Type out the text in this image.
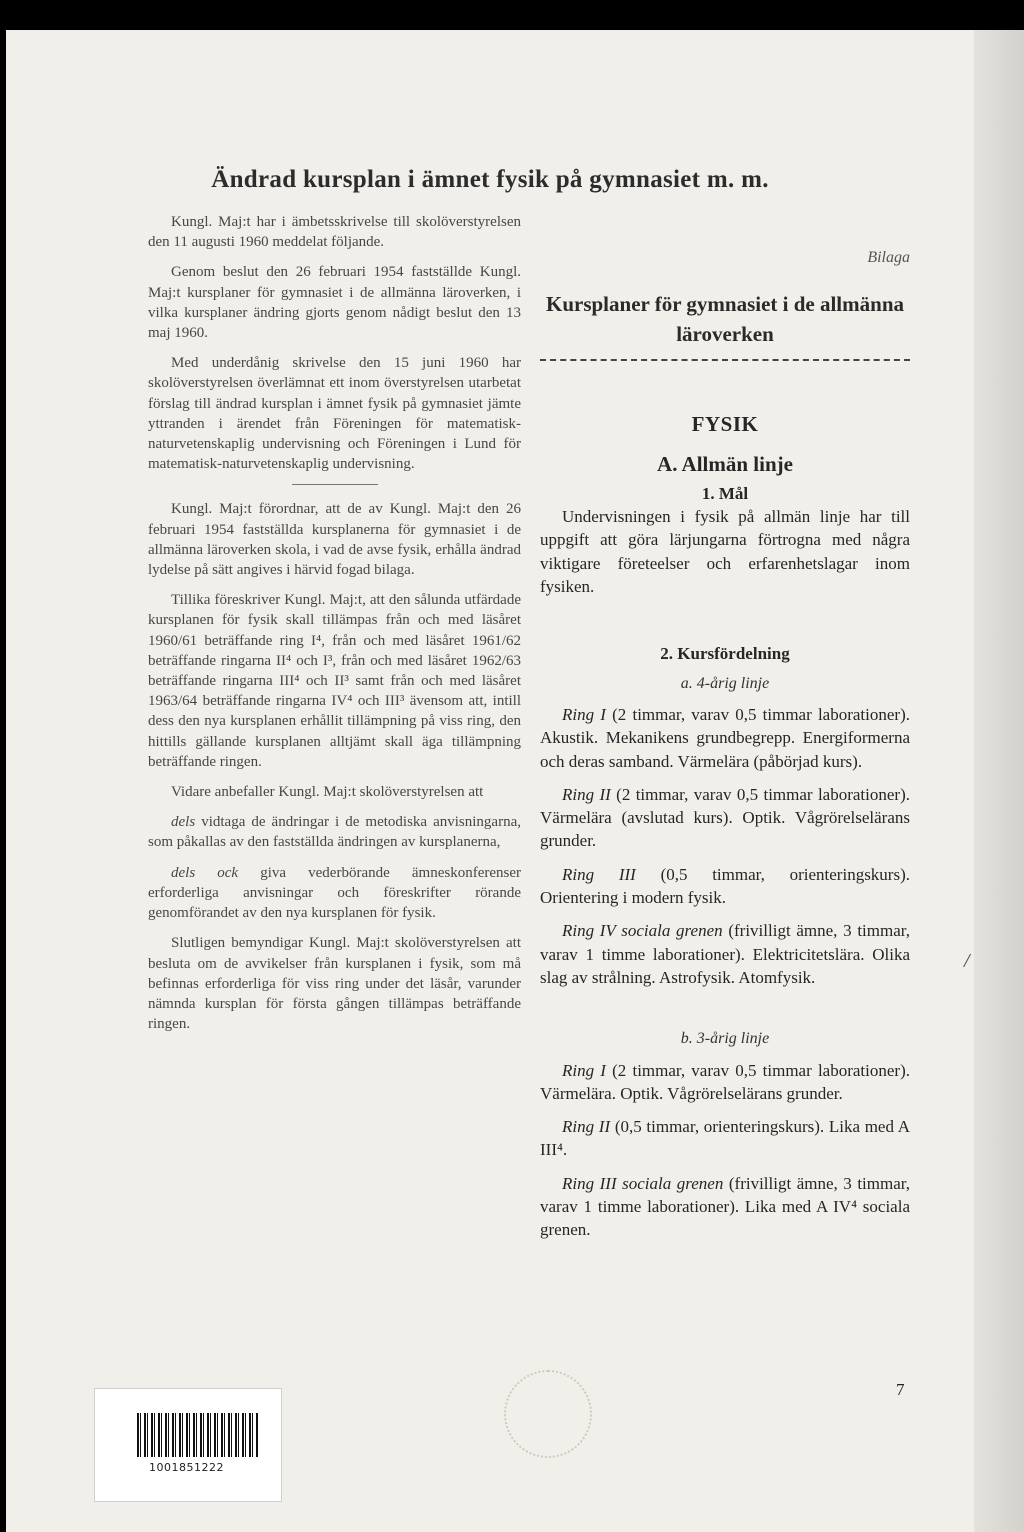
Ändrad kursplan i ämnet fysik på gymnasiet m. m.

Kungl. Maj:t har i ämbetsskrivelse till skolöverstyrelsen den 11 augusti 1960 meddelat följande.

Genom beslut den 26 februari 1954 fastställde Kungl. Maj:t kursplaner för gymnasiet i de allmänna läroverken, i vilka kursplaner ändring gjorts genom nådigt beslut den 13 maj 1960.

Med underdånig skrivelse den 15 juni 1960 har skolöverstyrelsen överlämnat ett inom överstyrelsen utarbetat förslag till ändrad kursplan i ämnet fysik på gymnasiet jämte yttranden i ärendet från Föreningen för matematisk-naturvetenskaplig undervisning och Föreningen i Lund för matematisk-naturvetenskaplig undervisning.

Kungl. Maj:t förordnar, att de av Kungl. Maj:t den 26 februari 1954 fastställda kursplanerna för gymnasiet i de allmänna läroverken skola, i vad de avse fysik, erhålla ändrad lydelse på sätt angives i härvid fogad bilaga.

Tillika föreskriver Kungl. Maj:t, att den sålunda utfärdade kursplanen för fysik skall tillämpas från och med läsåret 1960/61 beträffande ring I⁴, från och med läsåret 1961/62 beträffande ringarna II⁴ och I³, från och med läsåret 1962/63 beträffande ringarna III⁴ och II³ samt från och med läsåret 1963/64 beträffande ringarna IV⁴ och III³ ävensom att, intill dess den nya kursplanen erhållit tillämpning på viss ring, den hittills gällande kursplanen alltjämt skall äga tillämpning beträffande ringen.

Vidare anbefaller Kungl. Maj:t skolöverstyrelsen att

dels vidtaga de ändringar i de metodiska anvisningarna, som påkallas av den fastställda ändringen av kursplanerna,

dels ock giva vederbörande ämneskonferenser erforderliga anvisningar och föreskrifter rörande genomförandet av den nya kursplanen för fysik.

Slutligen bemyndigar Kungl. Maj:t skolöverstyrelsen att besluta om de avvikelser från kursplanen i fysik, som må befinnas erforderliga för viss ring under det läsår, varunder nämnda kursplan för första gången tillämpas beträffande ringen.

Bilaga

Kursplaner för gymnasiet i de allmänna läroverken
FYSIK
A. Allmän linje
1. Mål

Undervisningen i fysik på allmän linje har till uppgift att göra lärjungarna förtrogna med några viktigare företeelser och erfarenhetslagar inom fysiken.

2. Kursfördelning
a. 4-årig linje

Ring I (2 timmar, varav 0,5 timmar laborationer). Akustik. Mekanikens grundbegrepp. Energiformerna och deras samband. Värmelära (påbörjad kurs).

Ring II (2 timmar, varav 0,5 timmar laborationer). Värmelära (avslutad kurs). Optik. Vågrörelselärans grunder.

Ring III (0,5 timmar, orienteringskurs). Orientering i modern fysik.

Ring IV sociala grenen (frivilligt ämne, 3 timmar, varav 1 timme laborationer). Elektricitetslära. Olika slag av strålning. Astrofysik. Atomfysik.

b. 3-årig linje

Ring I (2 timmar, varav 0,5 timmar laborationer). Värmelära. Optik. Vågrörelselärans grunder.

Ring II (0,5 timmar, orienteringskurs). Lika med A III⁴.

Ring III sociala grenen (frivilligt ämne, 3 timmar, varav 1 timme laborationer). Lika med A IV⁴ sociala grenen.

/
7
1001851222
